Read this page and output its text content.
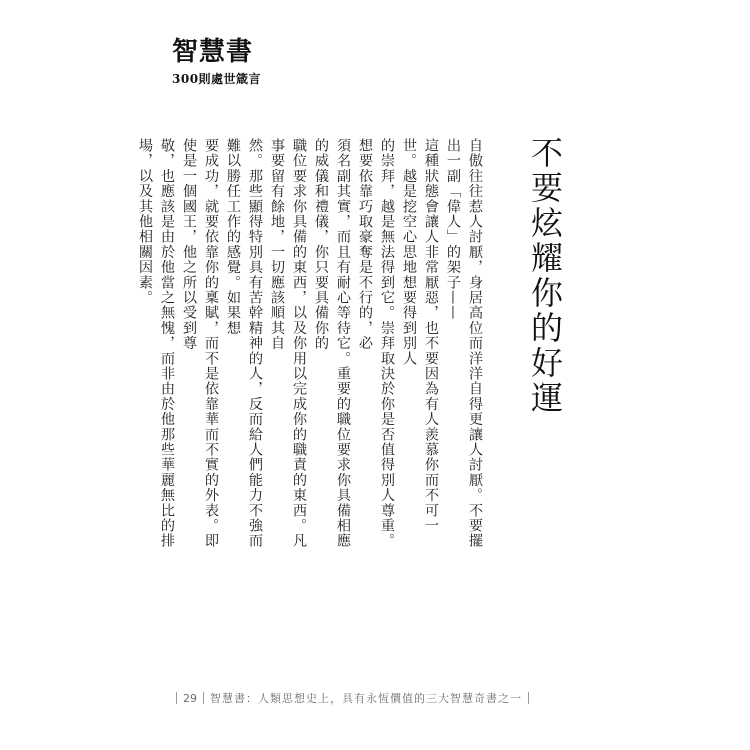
智慧書
300則處世箴言
不要炫耀你的好運
自傲往往惹人討厭，身居高位而洋洋自得更讓人討厭。不要擺出一副「偉人」的架子——
這種狀態會讓人非常厭惡，也不要因為有人羨慕你而不可一世。越是挖空心思地想要得到別人
的崇拜，越是無法得到它。崇拜取決於你是否值得別人尊重。想要依靠巧取豪奪是不行的，必
須名副其實，而且有耐心等待它。重要的職位要求你具備相應的威儀和禮儀，你只要具備你的
職位要求你具備的東西，以及你用以完成你的職責的東西。凡事要留有餘地，一切應該順其自
然。那些顯得特別具有苦幹精神的人，反而給人們能力不強而難以勝任工作的感覺。如果想
要成功，就要依靠你的稟賦，而不是依靠華而不實的外表。即使是一個國王，他之所以受到尊
敬，也應該是由於他當之無愧，而非由於他那些華麗無比的排場，以及其他相關因素。
29 智慧書：人類思想史上，具有永恆價值的三大智慧奇書之一
